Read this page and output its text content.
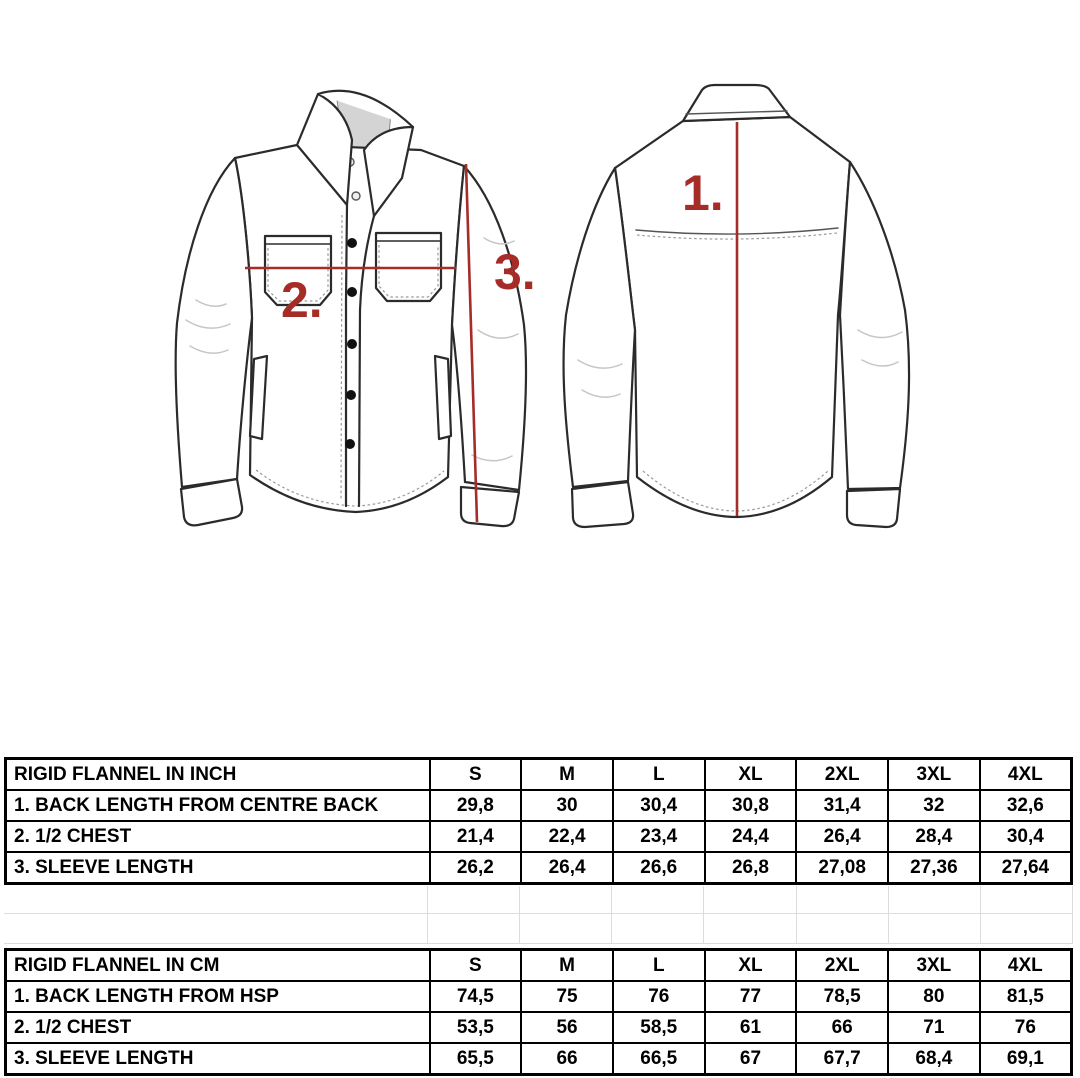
1.
2.	3.
RIGID FLANNEL IN INCH	S	M	L	XL	2XL	3XL	4XL
1. BACK LENGTH FROM CENTRE BACK	29,8	30	30,4	30,8	31,4	32	32,6
2. 1/2 CHEST	21,4	22,4	23,4	24,4	26,4	28,4	30,4
3. SLEEVE LENGTH	26,2	26,4	26,6	26,8	27,08	27,36	27,64
RIGID FLANNEL IN CM	S	M	L	XL	2XL	3XL	4XL
1. BACK LENGTH FROM HSP	74,5	75	76	77	78,5	80	81,5
2. 1/2 CHEST	53,5	56	58,5	61	66	71	76
3. SLEEVE LENGTH	65,5	66	66,5	67	67,7	68,4	69,1
